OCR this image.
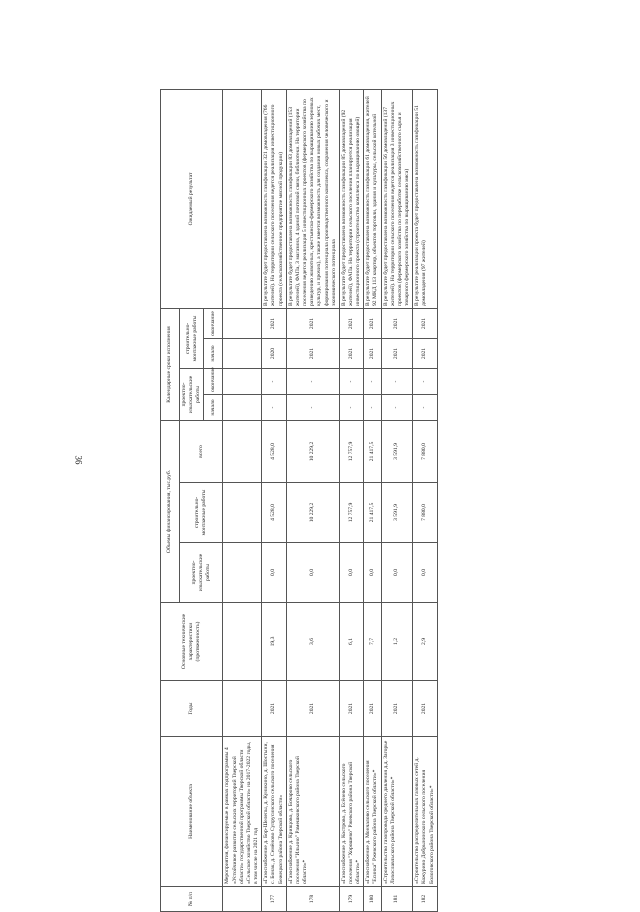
36
№ п/п	Наименование объекта	Годы	Основные технические характеристики (протяженность)	Объемы финансирования, тыс.руб.			Календарные сроки исполнения				Ожидаемый результат
				проектно-изыскательские работы	строительно-монтажные работы	всего	проектно-изыскательские работы		строительно-монтажные работы		
							начало	окончание	начало	окончание	
	Мероприятия, финансируемые в рамках подпрограммы 4 «Устойчивое развитие сельских территорий Тверской области» государственной программы Тверской области «Сельское хозяйство Тверской области» на 2017-2022 годы, в том числе на 2021 год										
177	«Газоснабжение д. Бор-Шелепы, д. Куникино, д. Шостыни, с. Бонак, д. Семёново Супрусинского сельского поселения Бежецкого района Тверской области»	2021	19,3	0,0	4 528,0	4 528,0	-	-	2020	2021	В результате будет предоставлена возможность газификации 321 домовладения (766 жителей). На территории сельского поселения ведется реализация инвестиционного проекта (сельскохозяйственное предприятие мясной продукции)
178	«Газоснабжение д. Кривцово, д. Бочарово сельского поселения "Ильино" Рамешковского района Тверской области»*	2021	3,6	0,0	10 229,2	10 229,2	-	-	2021	2021	В результате будет предоставлена возможность газификации 83 домовладений (153 жителей), ФАПа, 3 магазина, 4 зданий почтовой связи, библиотеки. На территории поселения ведется реализация 5 инвестиционных проектов (фермерского хозяйства по разведению животных, крестьянско-фермерского хозяйства по выращиванию зерновых культур, и прочих), а также имеется возможность для создания новых рабочих мест, формирования потенциала производственного комплекса, сохранения человеческого и экономического потенциала
179	«Газоснабжение д. Кострово, д. Есёнево сельского поселения "Хорошево" Ржевского района Тверской области»*	2021	6,1	0,0	12 757,9	12 757,9	-	-	2021	2021	В результате будет предоставлена возможность газификации 85 домовладений (92 жителей), ФАПа. На территории сельского поселения планируется реализация инвестиционного проекта (строительство комплекса по выращиванию овощей)
180	«Газоснабжение д. Мончалово сельского поселения "Есинка" Ржевского района Тверской области»*	2021	7,7	0,0	21 417,5	21 417,5	-	-	2021	2021	В результате будет предоставлена возможность газификации 61 домовладения, жителей 92 МКД 113 квартир, объектов торговли, здания и культуры, сельской котельной
181	«Строительство газопровода среднего давления д.д. Загорье Лихославльского района Тверской области»*	2021	1,2	0,0	3 591,9	3 591,9	-	-	2021	2021	В результате будет предоставлена возможность газификации 56 домовладений (137 жителей). На территории сельского поселения ведется реализация 3 инвестиционных проектов (фермерского хозяйства по переработке сельскохозяйственного сырья и товарного фермерского хозяйства по выращиванию мяса)
182	«Строительство распределительных газовых сетей д. Кожурино Добрынинского сельского поселения Бологовского района Тверской области»*	2021	2,9	0,0	7 880,0	7 880,0	-	-	2021	2021	В результате реализации проекта будет предоставлена возможность газификации 51 домовладения (97 жителей)
